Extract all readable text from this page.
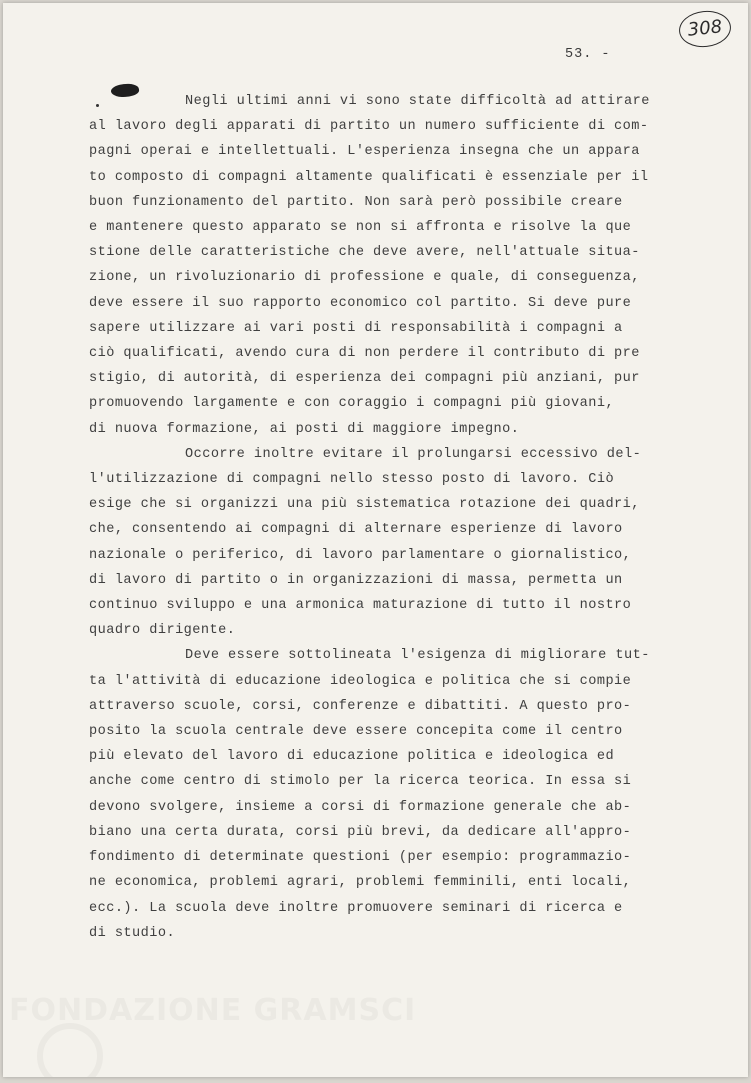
308
53. -
Negli ultimi anni vi sono state difficoltà ad attirare
al lavoro degli apparati di partito un numero sufficiente di com-
pagni operai e intellettuali. L'esperienza insegna che un appara
to composto di compagni altamente qualificati è essenziale per il
buon funzionamento del partito. Non sarà però possibile creare
e mantenere questo apparato se non si affronta e risolve la que
stione delle caratteristiche che deve avere, nell'attuale situa-
zione, un rivoluzionario di professione e quale, di conseguenza,
deve essere il suo rapporto economico col partito. Si deve pure
sapere utilizzare ai vari posti di responsabilità i compagni a
ciò qualificati, avendo cura di non perdere il contributo di pre
stigio, di autorità, di esperienza dei compagni più anziani, pur
promuovendo largamente e con coraggio i compagni più giovani,
di nuova formazione, ai posti di maggiore impegno.
Occorre inoltre evitare il prolungarsi eccessivo del-
l'utilizzazione di compagni nello stesso posto di lavoro. Ciò
esige che si organizzi una più sistematica rotazione dei quadri,
che, consentendo ai compagni di alternare esperienze di lavoro
nazionale o periferico, di lavoro parlamentare o giornalistico,
di lavoro di partito o in organizzazioni di massa, permetta un
continuo sviluppo e una armonica maturazione di tutto il nostro
quadro dirigente.
Deve essere sottolineata l'esigenza di migliorare tut-
ta l'attività di educazione ideologica e politica che si compie
attraverso scuole, corsi, conferenze e dibattiti. A questo pro-
posito la scuola centrale deve essere concepita come il centro
più elevato del lavoro di educazione politica e ideologica ed
anche come centro di stimolo per la ricerca teorica. In essa si
devono svolgere, insieme a corsi di formazione generale che ab-
biano una certa durata, corsi più brevi, da dedicare all'appro-
fondimento di determinate questioni (per esempio: programmazio-
ne economica, problemi agrari, problemi femminili, enti locali,
ecc.). La scuola deve inoltre promuovere seminari di ricerca e
di studio.
FONDAZIONE GRAMSCI
